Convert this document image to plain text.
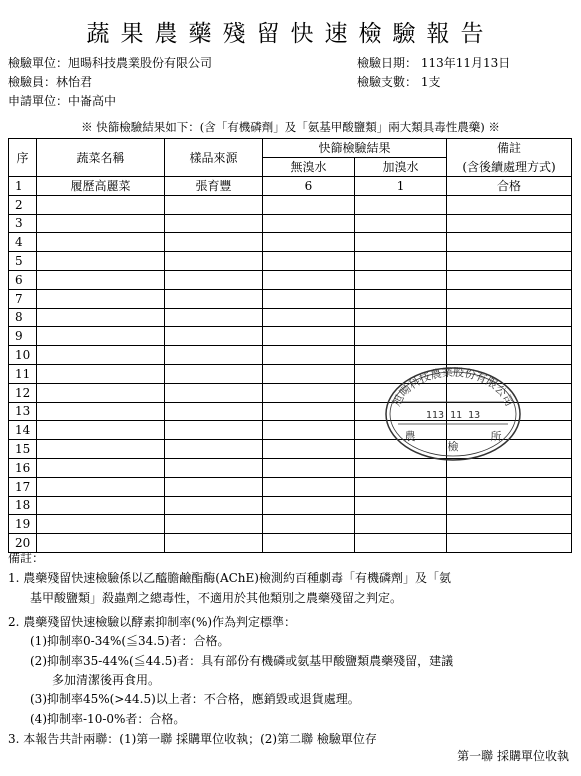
蔬果農藥殘留快速檢驗報告
檢驗單位：旭暘科技農業股份有限公司
檢驗員：林怡君
申請單位：中崙高中
檢驗日期： 113年11月13日
檢驗支數： 1支
※ 快篩檢驗結果如下：(含「有機磷劑」及「氨基甲酸鹽類」兩大類具毒性農藥) ※
序	蔬菜名稱	樣品來源	快篩檢驗結果		備註
			無溴水	加溴水	(含後續處理方式)
1	履歷高麗菜	張育豐	6	1	合格
2					
3					
4					
5					
6					
7					
8					
9					
10					
11					
12					
13					
14					
15					
16					
17					
18					
19					
20					
旭暘科技農業股份有限公司
113 11 13
農
檢
所
備註：
1. 農藥殘留快速檢驗係以乙醯膽鹼酯酶(AChE)檢測約百種劇毒「有機磷劑」及「氨
基甲酸鹽類」殺蟲劑之總毒性，不適用於其他類別之農藥殘留之判定。
2. 農藥殘留快速檢驗以酵素抑制率(%)作為判定標準：
(1)抑制率0-34%(≦34.5)者：合格。
(2)抑制率35-44%(≦44.5)者：具有部份有機磷或氨基甲酸鹽類農藥殘留，建議
多加清潔後再食用。
(3)抑制率45%(>44.5)以上者：不合格，應銷毀或退貨處理。
(4)抑制率-10-0%者：合格。
3. 本報告共計兩聯：(1)第一聯 採購單位收執；(2)第二聯 檢驗單位存
第一聯 採購單位收執
